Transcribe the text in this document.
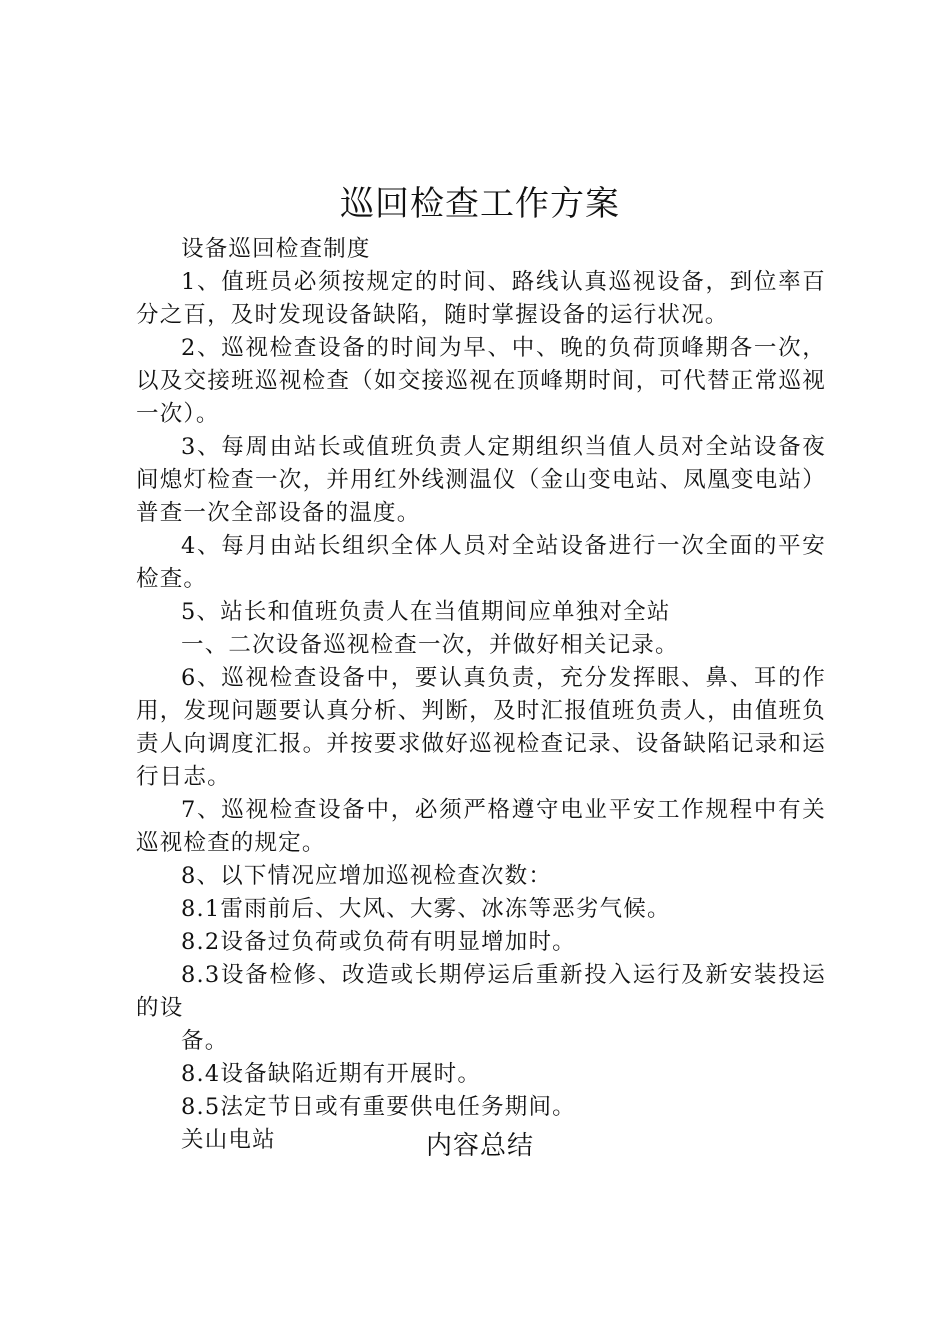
巡回检查工作方案

设备巡回检查制度

1、值班员必须按规定的时间、路线认真巡视设备，到位率百分之百，及时发现设备缺陷，随时掌握设备的运行状况。

2、巡视检查设备的时间为早、中、晚的负荷顶峰期各一次，以及交接班巡视检查（如交接巡视在顶峰期时间，可代替正常巡视一次）。

3、每周由站长或值班负责人定期组织当值人员对全站设备夜间熄灯检查一次，并用红外线测温仪（金山变电站、凤凰变电站）普查一次全部设备的温度。

4、每月由站长组织全体人员对全站设备进行一次全面的平安检查。

5、站长和值班负责人在当值期间应单独对全站

一、二次设备巡视检查一次，并做好相关记录。

6、巡视检查设备中，要认真负责，充分发挥眼、鼻、耳的作用，发现问题要认真分析、判断，及时汇报值班负责人，由值班负责人向调度汇报。并按要求做好巡视检查记录、设备缺陷记录和运行日志。

7、巡视检查设备中，必须严格遵守电业平安工作规程中有关巡视检查的规定。

8、以下情况应增加巡视检查次数：

8.1雷雨前后、大风、大雾、冰冻等恶劣气候。

8.2设备过负荷或负荷有明显增加时。

8.3设备检修、改造或长期停运后重新投入运行及新安装投运的设

备。

8.4设备缺陷近期有开展时。

8.5法定节日或有重要供电任务期间。

关山电站	内容总结
